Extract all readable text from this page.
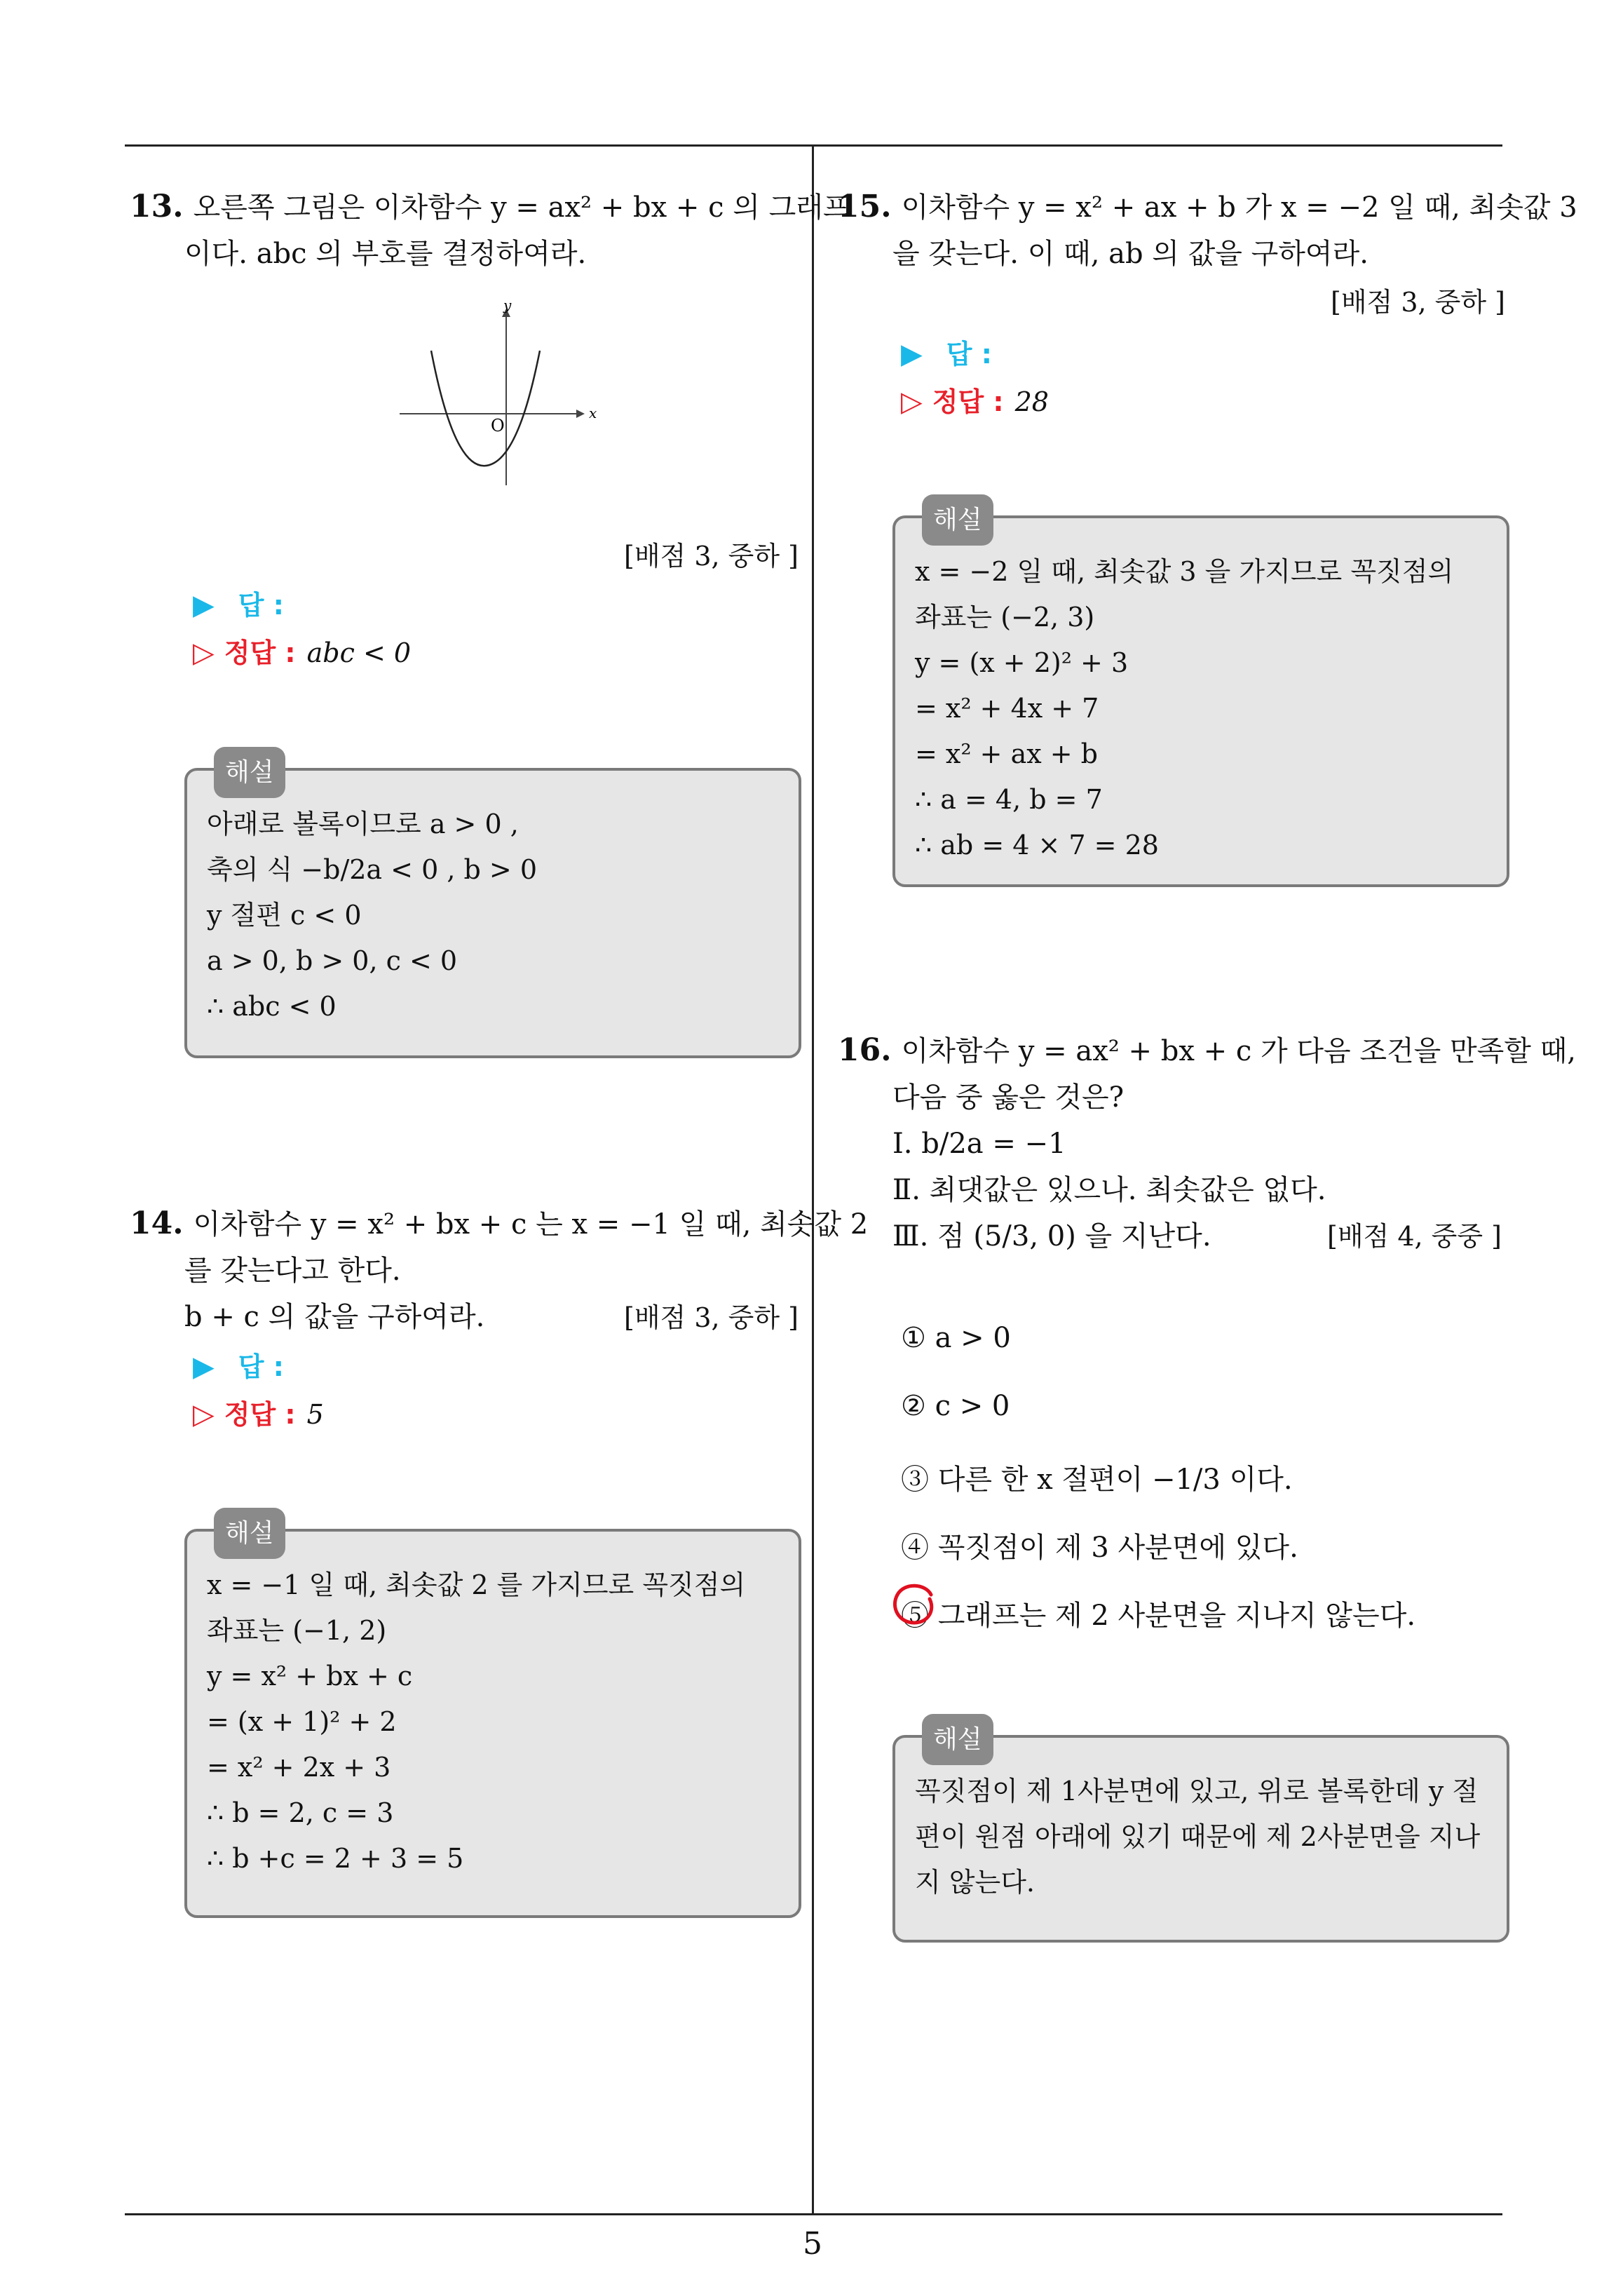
13. 오른쪽 그림은 이차함수 y = ax² + bx + c 의 그래프
이다. abc 의 부호를 결정하여라.
y
x
O
[배점 3, 중하 ]
▶ 답 :
▷ 정답 : abc < 0
해설
아래로 볼록이므로 a > 0 ,
축의 식 −b/2a < 0 , b > 0
y 절편 c < 0
a > 0, b > 0, c < 0
∴ abc < 0
14. 이차함수 y = x² + bx + c 는 x = −1 일 때, 최솟값 2
를 갖는다고 한다.
b + c 의 값을 구하여라.	[배점 3, 중하 ]
▶ 답 :
▷ 정답 : 5
해설
x = −1 일 때, 최솟값 2 를 가지므로 꼭짓점의
좌표는 (−1, 2)
y = x² + bx + c
= (x + 1)² + 2
= x² + 2x + 3
∴ b = 2, c = 3
∴ b +c = 2 + 3 = 5
15. 이차함수 y = x² + ax + b 가 x = −2 일 때, 최솟값 3
을 갖는다. 이 때, ab 의 값을 구하여라.
[배점 3, 중하 ]
▶ 답 :
▷ 정답 : 28
해설
x = −2 일 때, 최솟값 3 을 가지므로 꼭짓점의
좌표는 (−2, 3)
y = (x + 2)² + 3
= x² + 4x + 7
= x² + ax + b
∴ a = 4, b = 7
∴ ab = 4 × 7 = 28
16. 이차함수 y = ax² + bx + c 가 다음 조건을 만족할 때,
다음 중 옳은 것은?
Ⅰ. b/2a = −1
Ⅱ. 최댓값은 있으나. 최솟값은 없다.
Ⅲ. 점 (5/3, 0) 을 지난다.	[배점 4, 중중 ]
① a > 0
② c > 0
③ 다른 한 x 절편이 −1/3 이다.
④ 꼭짓점이 제 3 사분면에 있다.
⑤ 그래프는 제 2 사분면을 지나지 않는다.
해설
꼭짓점이 제 1사분면에 있고, 위로 볼록한데 y 절
편이 원점 아래에 있기 때문에 제 2사분면을 지나
지 않는다.
5
